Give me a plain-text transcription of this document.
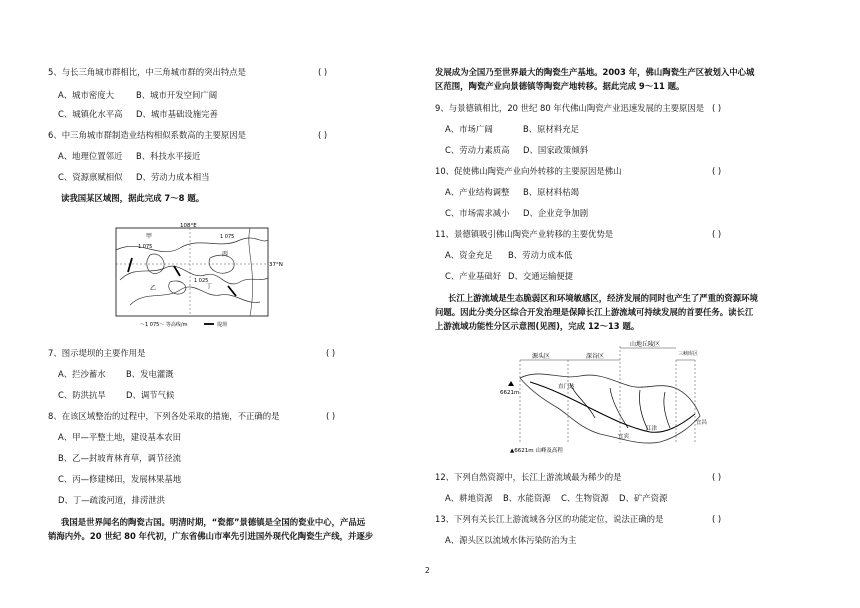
5、与长三角城市群相比，中三角城市群的突出特点是	( )
A、城市密度大	B、城市开发空间广阔
C、城镇化水平高 D、城市基础设施完善
6、中三角城市群制造业结构相似系数高的主要原因是	( )
A、地理位置邻近 B、科技水平接近
C、资源禀赋相似 D、劳动力成本相当
读我国某区域图，据此完成 7～8 题。
108°E
37°N
1 075
1 075
1 025
甲
乙
丙
丁
～1 075～ 等高线/m	堤坝
7、图示堤坝的主要作用是	( )
A、拦沙蓄水 B、发电灌溉
C、防洪抗旱 D、调节气候
8、在该区域整治的过程中，下列各处采取的措施，不正确的是	( )
A、甲—平整土地，建设基本农田
B、乙—封坡育林育草，调节径流
C、丙—修建梯田，发展林果基地
D、丁—疏浚河道，排涝泄洪
我国是世界闻名的陶瓷古国。明清时期，“瓷都”景德镇是全国的瓷业中心，产品远
销海内外。20 世纪 80 年代初，广东省佛山市率先引进国外现代化陶瓷生产线，并逐步
发展成为全国乃至世界最大的陶瓷生产基地。2003 年，佛山陶瓷生产区被划入中心城
区范围，陶瓷产业向景德镇等陶瓷产地转移。据此完成 9～11 题。
9、与景德镇相比，20 世纪 80 年代佛山陶瓷产业迅速发展的主要原因是 ( )
A、市场广阔	B、原材料充足
C、劳动力素质高 D、国家政策倾斜
10、促使佛山陶瓷产业向外转移的主要原因是佛山	( )
A、产业结构调整 B、原材料枯竭
C、市场需求减小 D、企业竞争加剧
11、景德镇吸引佛山陶瓷产业转移的主要优势是	( )
A、资金充足 B、劳动力成本低
C、产业基础好 D、交通运输便捷
长江上游流域是生态脆弱区和环境敏感区，经济发展的同时也产生了严重的资源环境
问题。因此分类分区综合开发治理是保障长江上游流域可持续发展的首要任务。读长江
上游流域功能性分区示意图(见图)，完成 12～13 题。
源头区	深谷区
山地丘陵区
三峡库区
6621m
直门达
宜宾
江津
宜昌
▲6621m 山峰及高程
12、下列自然资源中，长江上游流域最为稀少的是	( )
A、耕地资源 B、水能资源 C、生物资源 D、矿产资源
13、下列有关长江上游流域各分区的功能定位，说法正确的是	( )
A、源头区以流域水体污染防治为主
2
